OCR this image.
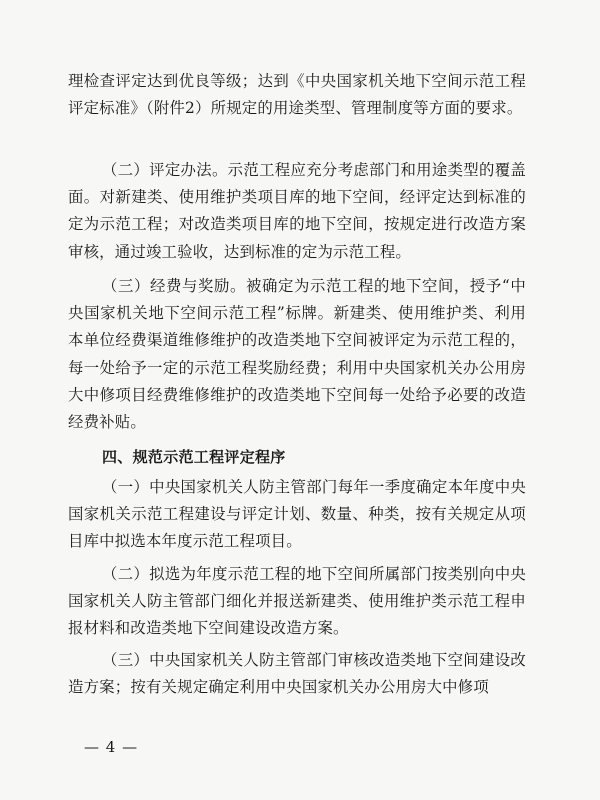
理检查评定达到优良等级；达到《中央国家机关地下空间示范工程评定标准》（附件2）所规定的用途类型、管理制度等方面的要求。

（二）评定办法。示范工程应充分考虑部门和用途类型的覆盖面。对新建类、使用维护类项目库的地下空间，经评定达到标准的定为示范工程；对改造类项目库的地下空间，按规定进行改造方案审核，通过竣工验收，达到标准的定为示范工程。

（三）经费与奖励。被确定为示范工程的地下空间，授予“中央国家机关地下空间示范工程”标牌。新建类、使用维护类、利用本单位经费渠道维修维护的改造类地下空间被评定为示范工程的，每一处给予一定的示范工程奖励经费；利用中央国家机关办公用房大中修项目经费维修维护的改造类地下空间每一处给予必要的改造经费补贴。

四、规范示范工程评定程序

（一）中央国家机关人防主管部门每年一季度确定本年度中央国家机关示范工程建设与评定计划、数量、种类，按有关规定从项目库中拟选本年度示范工程项目。

（二）拟选为年度示范工程的地下空间所属部门按类别向中央国家机关人防主管部门细化并报送新建类、使用维护类示范工程申报材料和改造类地下空间建设改造方案。

（三）中央国家机关人防主管部门审核改造类地下空间建设改造方案；按有关规定确定利用中央国家机关办公用房大中修项

— 4 —
